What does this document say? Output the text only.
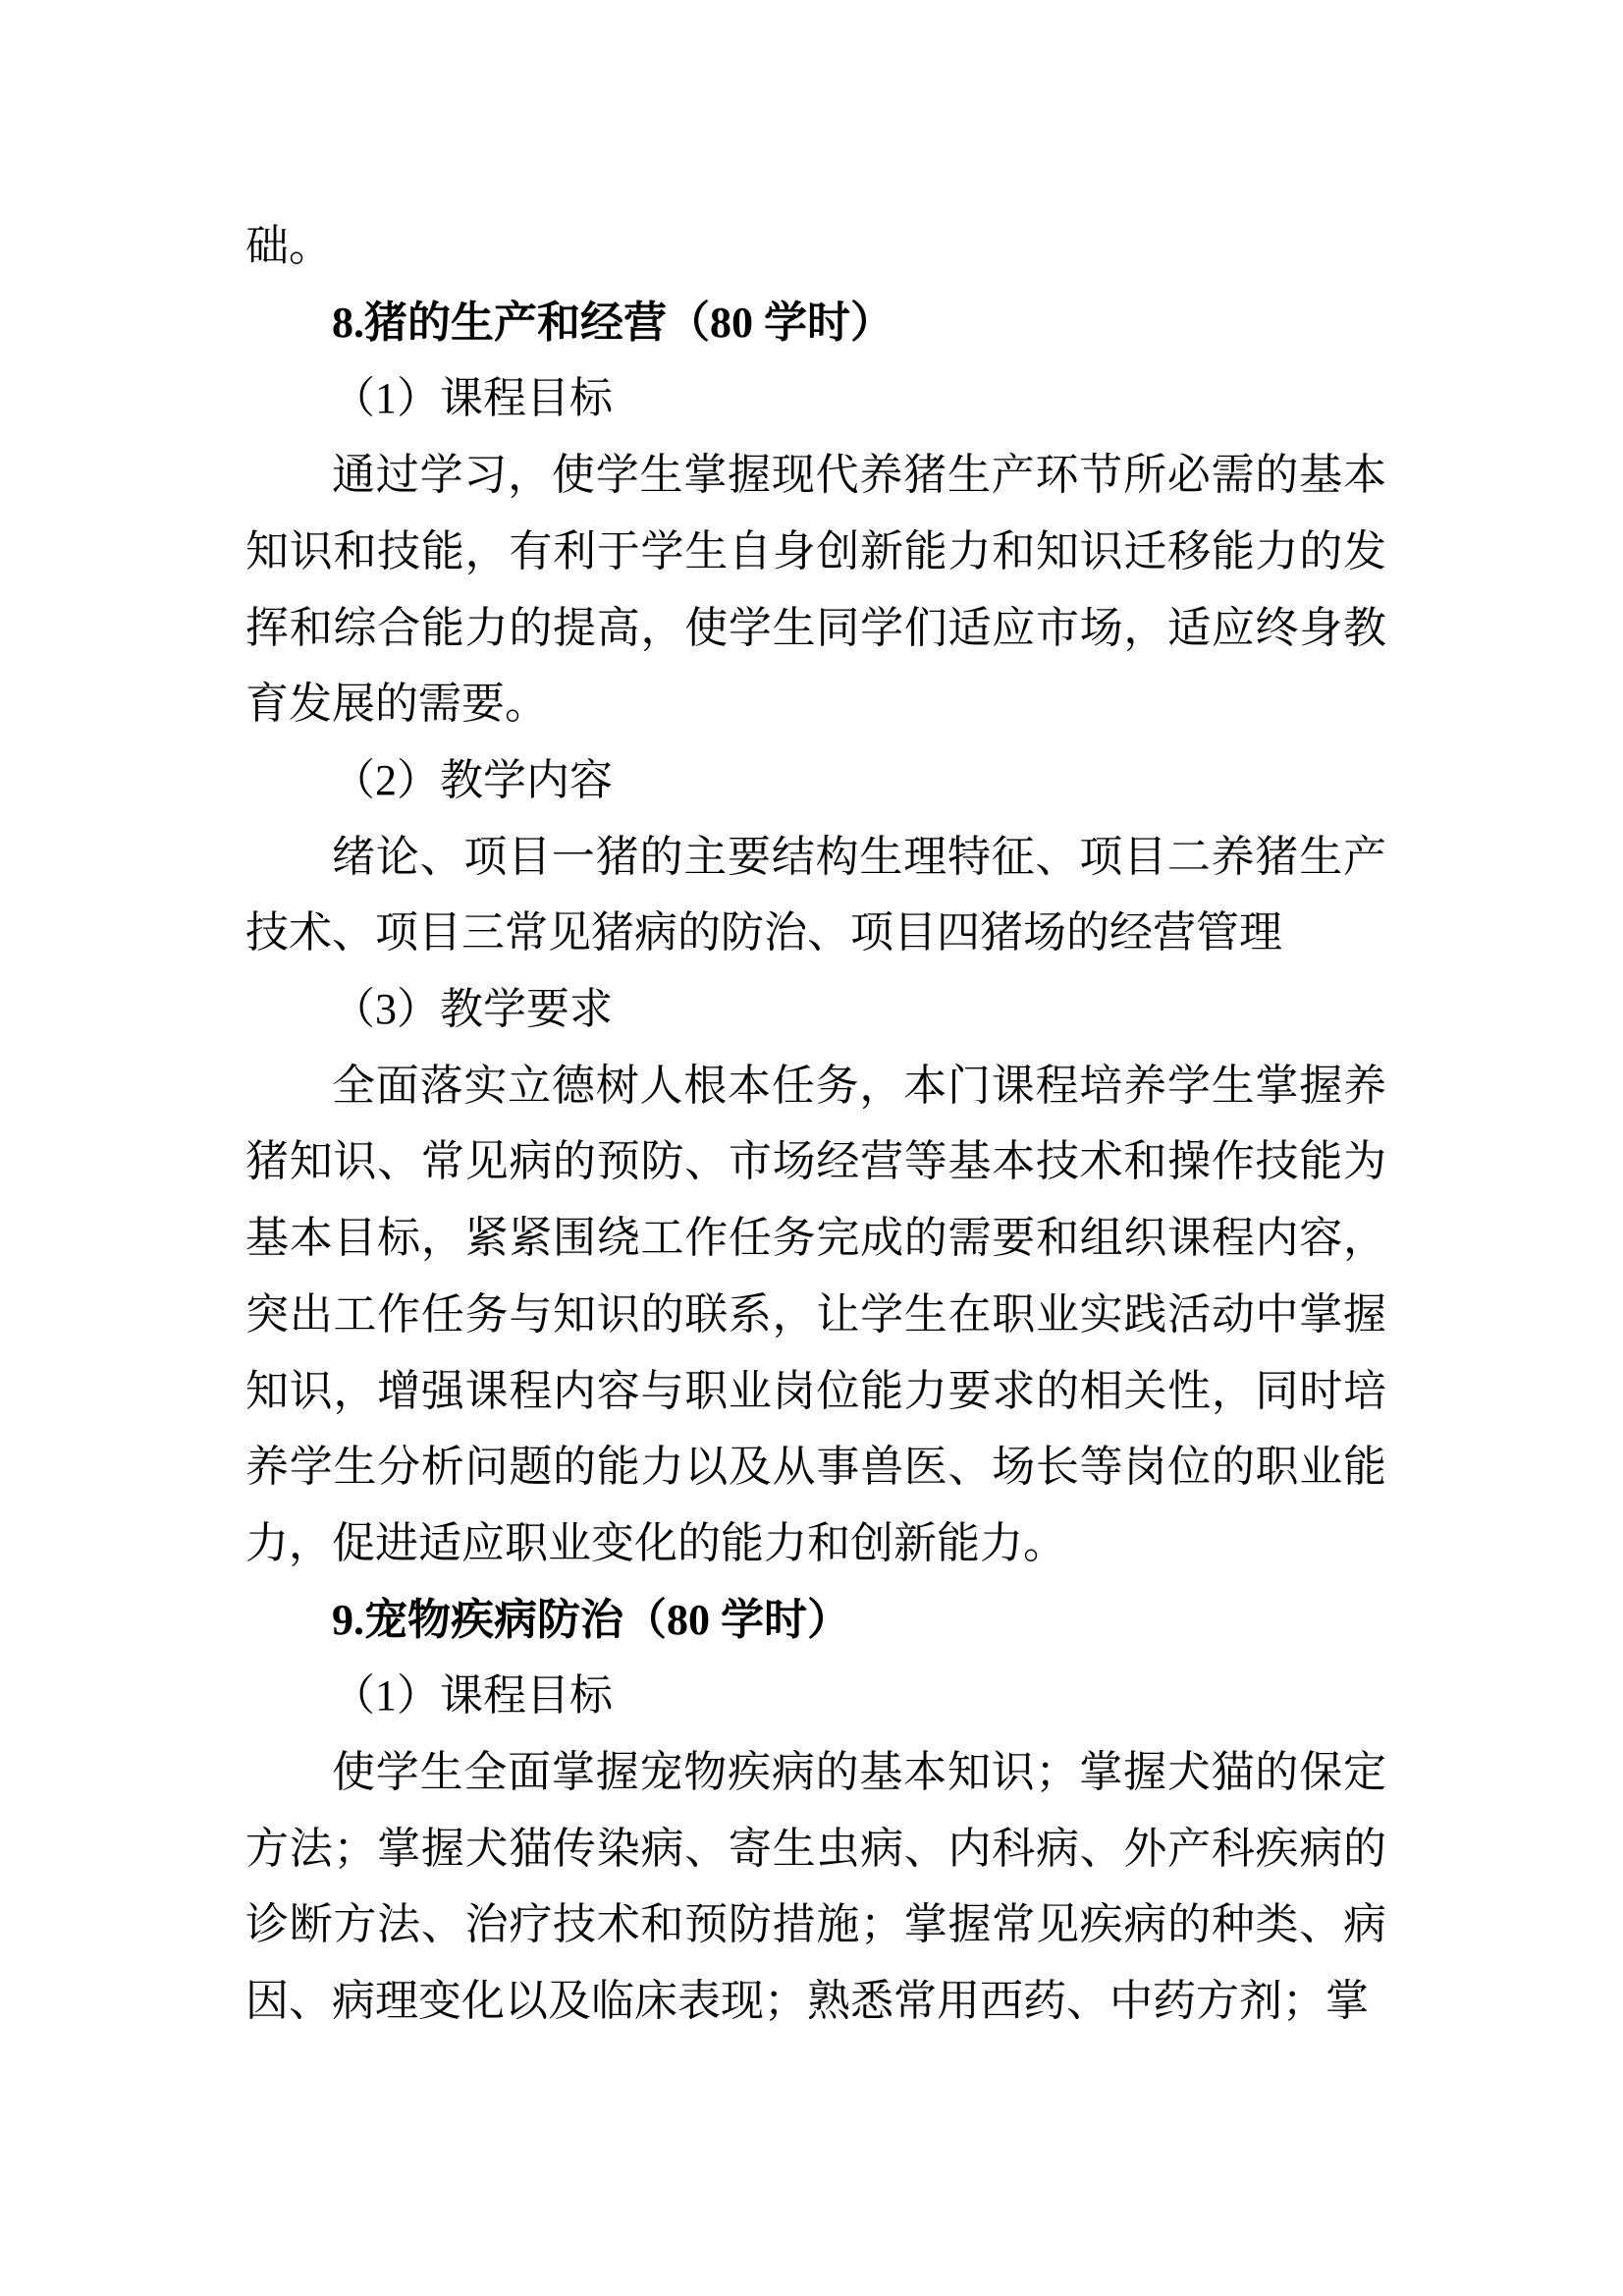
础。

8.猪的生产和经营（80 学时）

（1）课程目标

通过学习，使学生掌握现代养猪生产环节所必需的基本知识和技能，有利于学生自身创新能力和知识迁移能力的发挥和综合能力的提高，使学生同学们适应市场，适应终身教育发展的需要。

（2）教学内容

绪论、项目一猪的主要结构生理特征、项目二养猪生产技术、项目三常见猪病的防治、项目四猪场的经营管理

（3）教学要求

全面落实立德树人根本任务，本门课程培养学生掌握养猪知识、常见病的预防、市场经营等基本技术和操作技能为基本目标，紧紧围绕工作任务完成的需要和组织课程内容，突出工作任务与知识的联系，让学生在职业实践活动中掌握知识，增强课程内容与职业岗位能力要求的相关性，同时培养学生分析问题的能力以及从事兽医、场长等岗位的职业能力，促进适应职业变化的能力和创新能力。

9.宠物疾病防治（80 学时）

（1）课程目标

使学生全面掌握宠物疾病的基本知识；掌握犬猫的保定方法；掌握犬猫传染病、寄生虫病、内科病、外产科疾病的诊断方法、治疗技术和预防措施；掌握常见疾病的种类、病因、病理变化以及临床表现；熟悉常用西药、中药方剂；掌
